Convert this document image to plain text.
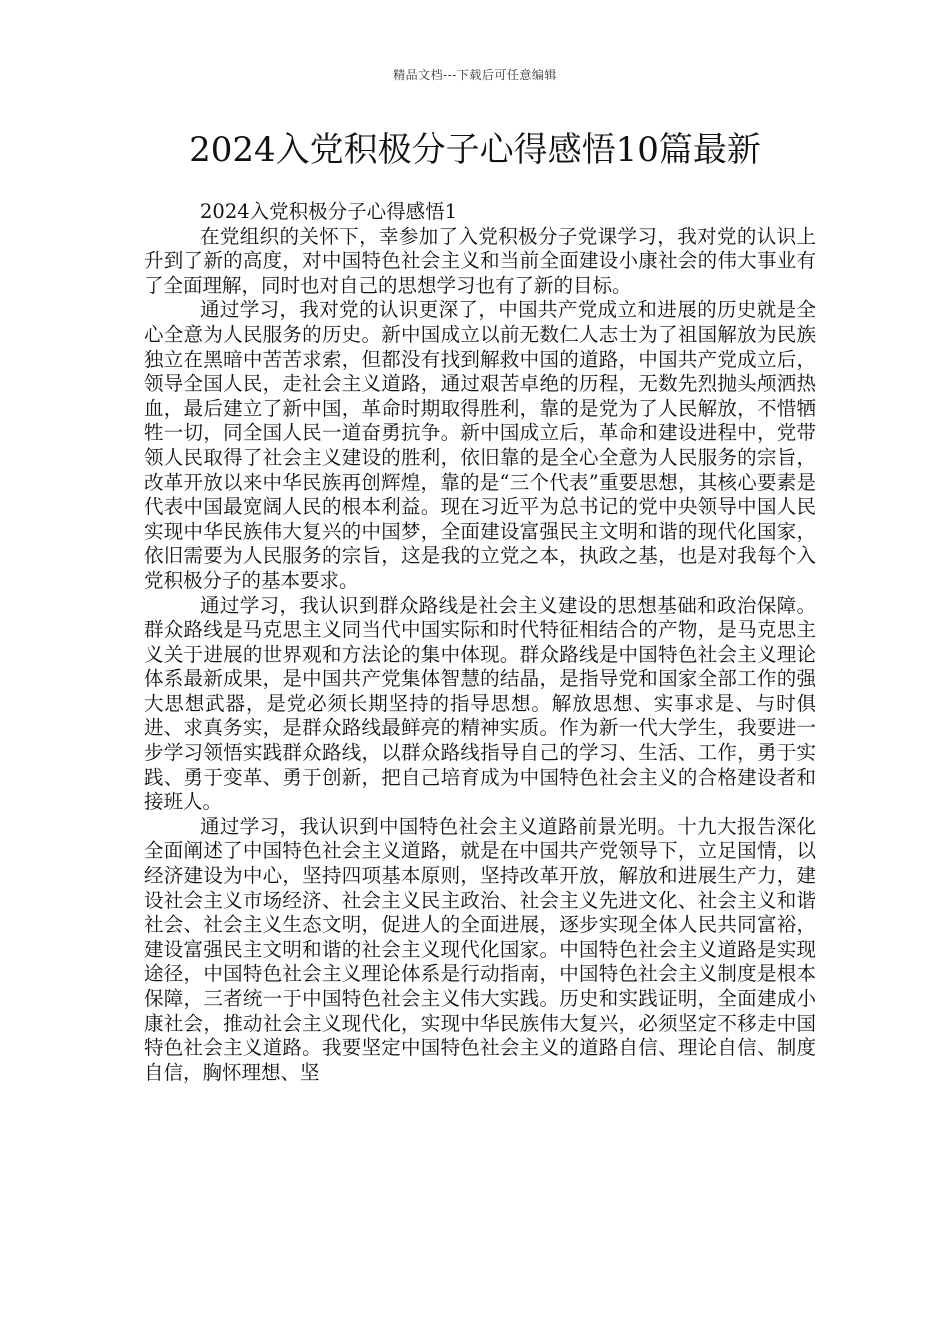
精品文档---下载后可任意编辑
2024入党积极分子心得感悟10篇最新
2024入党积极分子心得感悟1

在党组织的关怀下，幸参加了入党积极分子党课学习，我对党的认识上升到了新的高度，对中国特色社会主义和当前全面建设小康社会的伟大事业有了全面理解，同时也对自己的思想学习也有了新的目标。

通过学习，我对党的认识更深了，中国共产党成立和进展的历史就是全心全意为人民服务的历史。新中国成立以前无数仁人志士为了祖国解放为民族独立在黑暗中苦苦求索，但都没有找到解救中国的道路，中国共产党成立后，领导全国人民，走社会主义道路，通过艰苦卓绝的历程，无数先烈抛头颅洒热血，最后建立了新中国，革命时期取得胜利，靠的是党为了人民解放，不惜牺牲一切，同全国人民一道奋勇抗争。新中国成立后，革命和建设进程中，党带领人民取得了社会主义建设的胜利，依旧靠的是全心全意为人民服务的宗旨，改革开放以来中华民族再创辉煌，靠的是“三个代表”重要思想，其核心要素是代表中国最宽阔人民的根本利益。现在习近平为总书记的党中央领导中国人民实现中华民族伟大复兴的中国梦，全面建设富强民主文明和谐的现代化国家，依旧需要为人民服务的宗旨，这是我的立党之本，执政之基，也是对我每个入党积极分子的基本要求。

通过学习，我认识到群众路线是社会主义建设的思想基础和政治保障。群众路线是马克思主义同当代中国实际和时代特征相结合的产物，是马克思主义关于进展的世界观和方法论的集中体现。群众路线是中国特色社会主义理论体系最新成果，是中国共产党集体智慧的结晶，是指导党和国家全部工作的强大思想武器，是党必须长期坚持的指导思想。解放思想、实事求是、与时俱进、求真务实，是群众路线最鲜亮的精神实质。作为新一代大学生，我要进一步学习领悟实践群众路线，以群众路线指导自己的学习、生活、工作，勇于实践、勇于变革、勇于创新，把自己培育成为中国特色社会主义的合格建设者和接班人。

通过学习，我认识到中国特色社会主义道路前景光明。十九大报告深化全面阐述了中国特色社会主义道路，就是在中国共产党领导下，立足国情，以经济建设为中心，坚持四项基本原则，坚持改革开放，解放和进展生产力，建设社会主义市场经济、社会主义民主政治、社会主义先进文化、社会主义和谐社会、社会主义生态文明，促进人的全面进展，逐步实现全体人民共同富裕，建设富强民主文明和谐的社会主义现代化国家。中国特色社会主义道路是实现途径，中国特色社会主义理论体系是行动指南，中国特色社会主义制度是根本保障，三者统一于中国特色社会主义伟大实践。历史和实践证明，全面建成小康社会，推动社会主义现代化，实现中华民族伟大复兴，必须坚定不移走中国特色社会主义道路。我要坚定中国特色社会主义的道路自信、理论自信、制度自信，胸怀理想、坚
